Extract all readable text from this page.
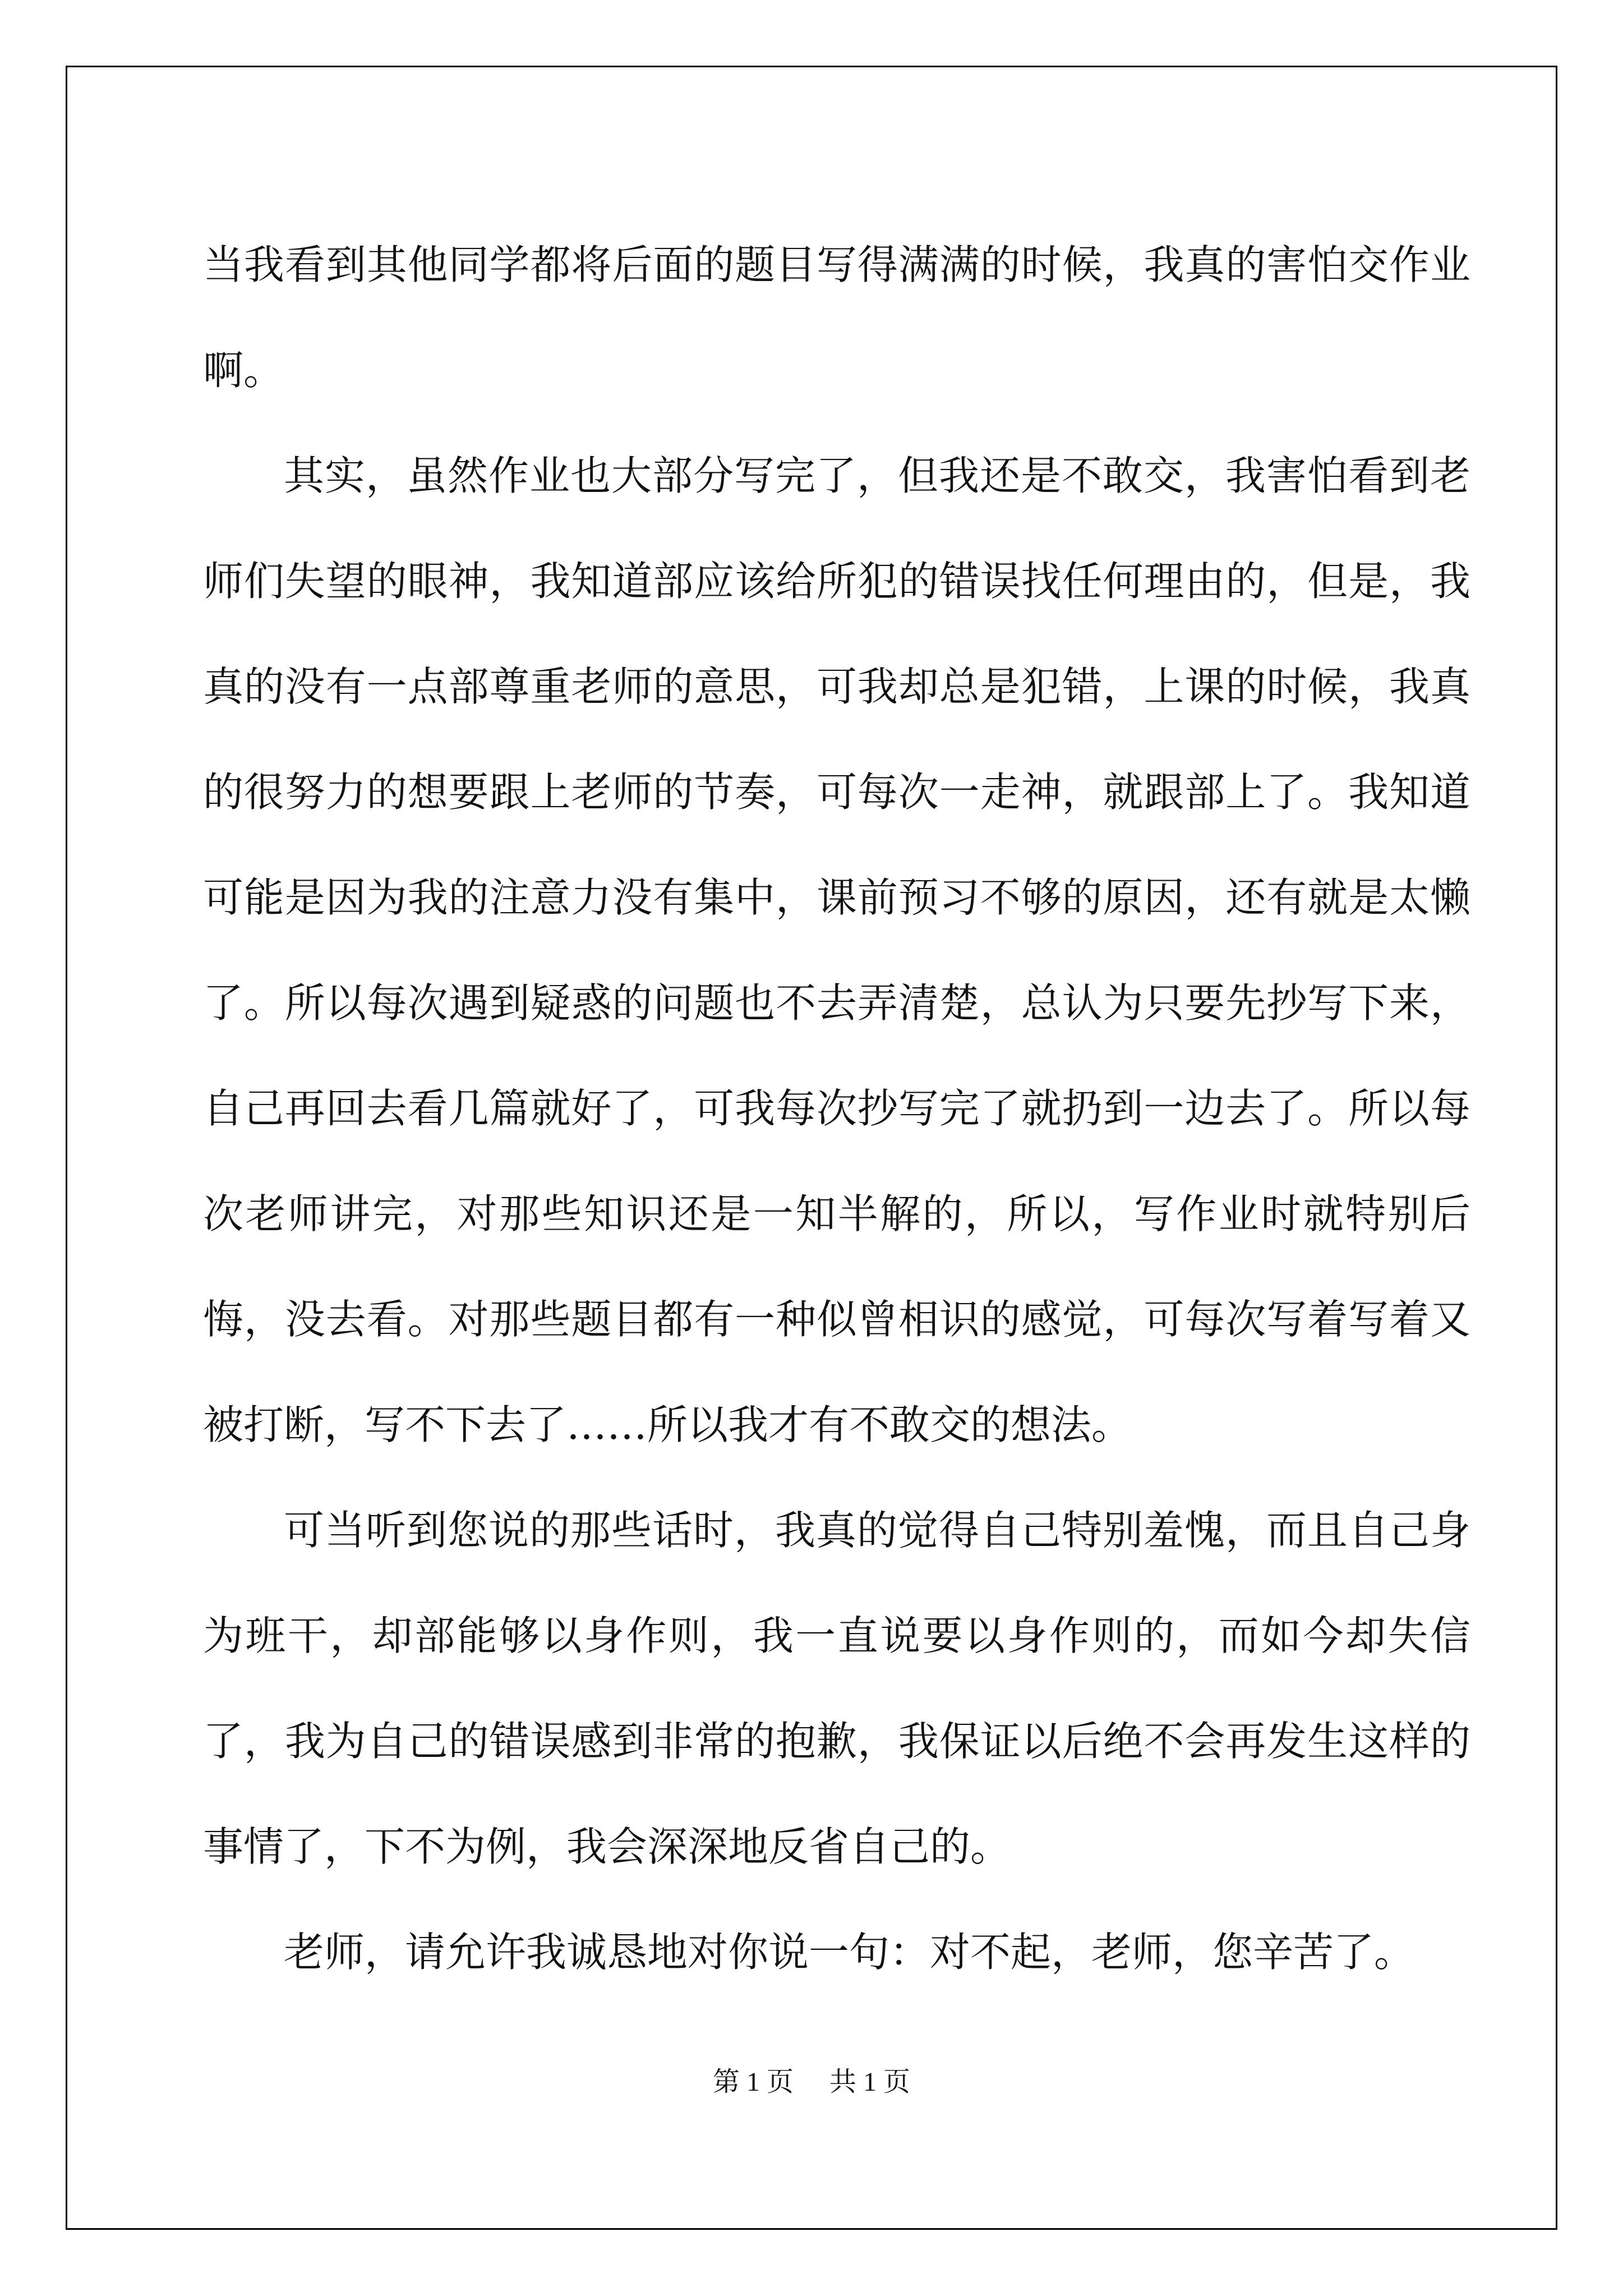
当我看到其他同学都将后面的题目写得满满的时候，我真的害怕交作业啊。

其实，虽然作业也大部分写完了，但我还是不敢交，我害怕看到老师们失望的眼神，我知道部应该给所犯的错误找任何理由的，但是，我真的没有一点部尊重老师的意思，可我却总是犯错，上课的时候，我真的很努力的想要跟上老师的节奏，可每次一走神，就跟部上了。我知道可能是因为我的注意力没有集中，课前预习不够的原因，还有就是太懒了。所以每次遇到疑惑的问题也不去弄清楚，总认为只要先抄写下来，自己再回去看几篇就好了，可我每次抄写完了就扔到一边去了。所以每次老师讲完，对那些知识还是一知半解的，所以，写作业时就特别后悔，没去看。对那些题目都有一种似曾相识的感觉，可每次写着写着又被打断，写不下去了……所以我才有不敢交的想法。

可当听到您说的那些话时，我真的觉得自己特别羞愧，而且自己身为班干，却部能够以身作则，我一直说要以身作则的，而如今却失信了，我为自己的错误感到非常的抱歉，我保证以后绝不会再发生这样的事情了，下不为例，我会深深地反省自己的。

老师，请允许我诚恳地对你说一句：对不起，老师，您辛苦了。

第 1 页 共 1 页
